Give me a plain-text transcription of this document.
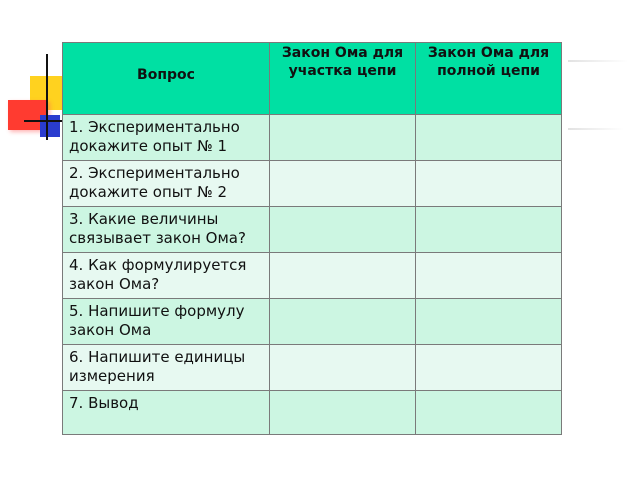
Вопрос	Закон Ома для участка цепи	Закон Ома для полной цепи
1. Экспериментально докажите опыт № 1		
2. Экспериментально докажите опыт № 2		
3. Какие величины связывает закон Ома?		
4. Как формулируется закон Ома?		
5. Напишите формулу закон Ома		
6. Напишите единицы измерения		
7. Вывод		
